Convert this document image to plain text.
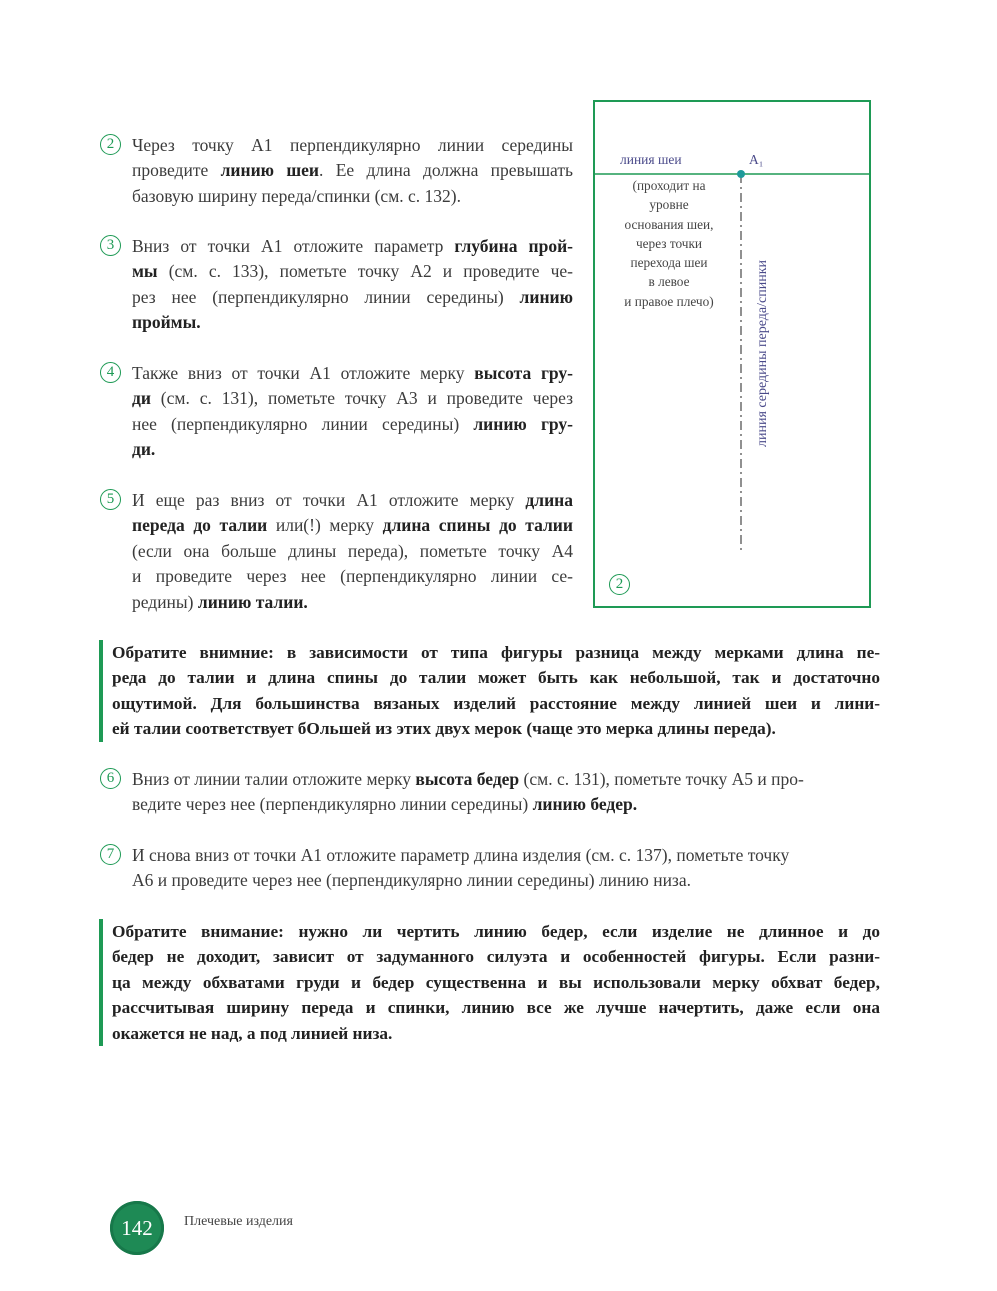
2	Через точку А1 перпендикулярно линии середины
проведите линию шеи. Ее длина должна превышать
базовую ширину переда/спинки (см. с. 132).
3	Вниз от точки А1 отложите параметр глубина прой-
мы (см. с. 133), пометьте точку А2 и проведите че-
рез нее (перпендикулярно линии середины) линию
проймы.
4	Также вниз от точки А1 отложите мерку высота гру-
ди (см. с. 131), пометьте точку А3 и проведите через
нее (перпендикулярно линии середины) линию гру-
ди.
5	И еще раз вниз от точки А1 отложите мерку длина
переда до талии или(!) мерку длина спины до талии
(если она больше длины переда), пометьте точку А4
и проведите через нее (перпендикулярно линии се-
редины) линию талии.
линия шеи	А₁
(проходит на
уровне
основания шеи,
через точки
перехода шеи
в левое
и правое плечо)	линия середины переда/спинки
2
Обратите внимние: в зависимости от типа фигуры разница между мерками длина пе-
реда до талии и длина спины до талии может быть как небольшой, так и достаточно
ощутимой. Для большинства вязаных изделий расстояние между линией шеи и лини-
ей талии соответствует бОльшей из этих двух мерок (чаще это мерка длины переда).
6	Вниз от линии талии отложите мерку высота бедер (см. с. 131), пометьте точку А5 и про-
ведите через нее (перпендикулярно линии середины) линию бедер.
7	И снова вниз от точки А1 отложите параметр длина изделия (см. с. 137), пометьте точку
А6 и проведите через нее (перпендикулярно линии середины) линию низа.
Обратите внимание: нужно ли чертить линию бедер, если изделие не длинное и до
бедер не доходит, зависит от задуманного силуэта и особенностей фигуры. Если разни-
ца между обхватами груди и бедер существенна и вы использовали мерку обхват бедер,
рассчитывая ширину переда и спинки, линию все же лучше начертить, даже если она
окажется не над, а под линией низа.
142	Плечевые изделия
